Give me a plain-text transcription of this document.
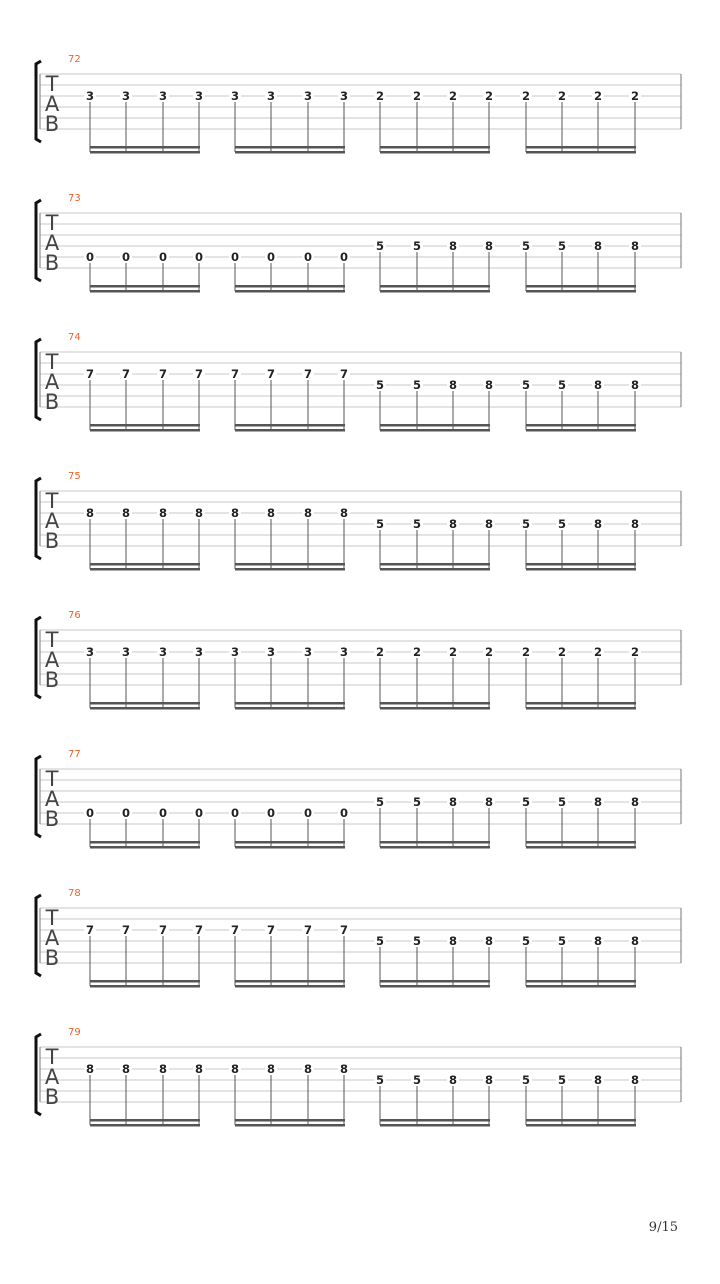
72
T
A
B
3 3	3 3 3 3	3 3 2	2 2 2	2 2 2	2
73
T
A
B 0 0	0 0 0 0	0 0
5	5 8 8	5 5 8	8
74
T
A
B
7 7	7 7 7 7	7 7
5	5 8 8	5 5 8	8
75
T
A
B
8 8	8 8 8 8	8 8
5	5 8 8	5 5 8	8
76
T
A
B
3 3	3 3 3 3	3 3 2	2 2 2	2 2 2	2
77
T
A
B 0 0	0 0 0 0	0 0
5	5 8 8	5 5 8	8
78
T
A
B
7 7	7 7 7 7	7 7
5	5 8 8	5 5 8	8
79
T
A
B
8 8	8 8 8 8	8 8
5	5 8 8	5 5 8	8
9/15
